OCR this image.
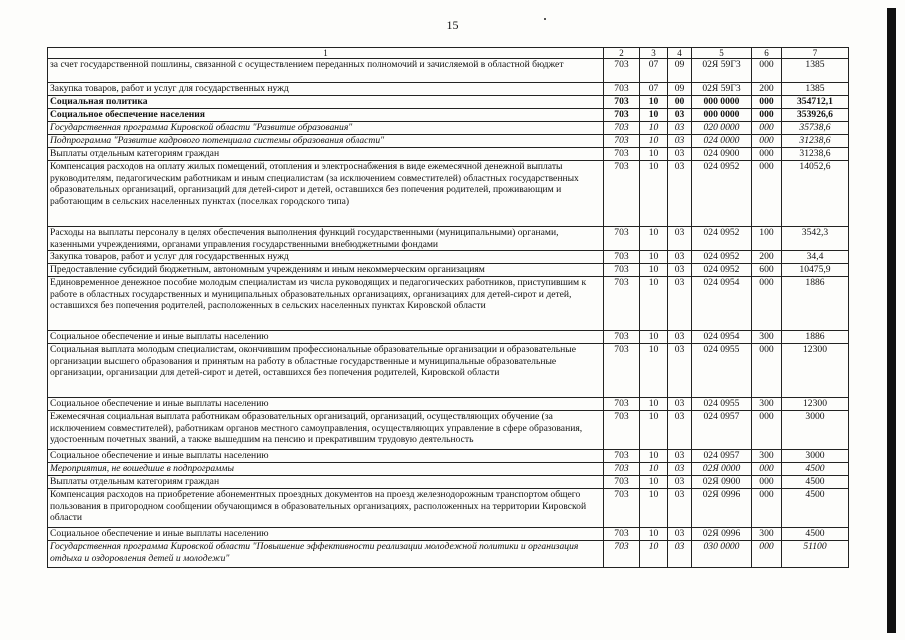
15
1	2	3	4	5	6	7
за счет государственной пошлины, связанной с осуществлением переданных полномочий и зачисляемой в областной бюджет	703	07	09	02Я 59Г3	000	1385
Закупка товаров, работ и услуг для государственных нужд	703	07	09	02Я 59Г3	200	1385
Социальная политика	703	10	00	000 0000	000	354712,1
Социальное обеспечение населения	703	10	03	000 0000	000	353926,6
Государственная программа Кировской области "Развитие образования"	703	10	03	020 0000	000	35738,6
Подпрограмма "Развитие кадрового потенциала системы образования области"	703	10	03	024 0000	000	31238,6
Выплаты отдельным категориям граждан	703	10	03	024 0900	000	31238,6
Компенсация расходов на оплату жилых помещений, отопления и электроснабжения в виде ежемесячной денежной выплаты руководителям, педагогическим работникам и иным специалистам (за исключением совместителей) областных государственных образовательных организаций, организаций для детей-сирот и детей, оставшихся без попечения родителей, проживающим и работающим в сельских населенных пунктах (поселках городского типа)	703	10	03	024 0952	000	14052,6
Расходы на выплаты персоналу в целях обеспечения выполнения функций государственными (муниципальными) органами, казенными учреждениями, органами управления государственными внебюджетными фондами	703	10	03	024 0952	100	3542,3
Закупка товаров, работ и услуг для государственных нужд	703	10	03	024 0952	200	34,4
Предоставление субсидий бюджетным, автономным учреждениям и иным некоммерческим организациям	703	10	03	024 0952	600	10475,9
Единовременное денежное пособие молодым специалистам из числа руководящих и педагогических работников, приступившим к работе в областных государственных и муниципальных образовательных организациях, организациях для детей-сирот и детей, оставшихся без попечения родителей, расположенных в сельских населенных пунктах Кировской области	703	10	03	024 0954	000	1886
Социальное обеспечение и иные выплаты населению	703	10	03	024 0954	300	1886
Социальная выплата молодым специалистам, окончившим профессиональные образовательные организации и образовательные организации высшего образования и принятым на работу в областные государственные и муниципальные образовательные организации, организации для детей-сирот и детей, оставшихся без попечения родителей, Кировской области	703	10	03	024 0955	000	12300
Социальное обеспечение и иные выплаты населению	703	10	03	024 0955	300	12300
Ежемесячная социальная выплата работникам образовательных организаций, организаций, осуществляющих обучение (за исключением совместителей), работникам органов местного самоуправления, осуществляющих управление в сфере образования, удостоенным почетных званий, а также вышедшим на пенсию и прекратившим трудовую деятельность	703	10	03	024 0957	000	3000
Социальное обеспечение и иные выплаты населению	703	10	03	024 0957	300	3000
Мероприятия, не вошедшие в подпрограммы	703	10	03	02Я 0000	000	4500
Выплаты отдельным категориям граждан	703	10	03	02Я 0900	000	4500
Компенсация расходов на приобретение абонементных проездных документов на проезд железнодорожным транспортом общего пользования в пригородном сообщении обучающимся в образовательных организациях, расположенных на территории Кировской области	703	10	03	02Я 0996	000	4500
Социальное обеспечение и иные выплаты населению	703	10	03	02Я 0996	300	4500
Государственная программа Кировской области "Повышение эффективности реализации молодежной политики и организация отдыха и оздоровления детей и молодежи"	703	10	03	030 0000	000	51100
